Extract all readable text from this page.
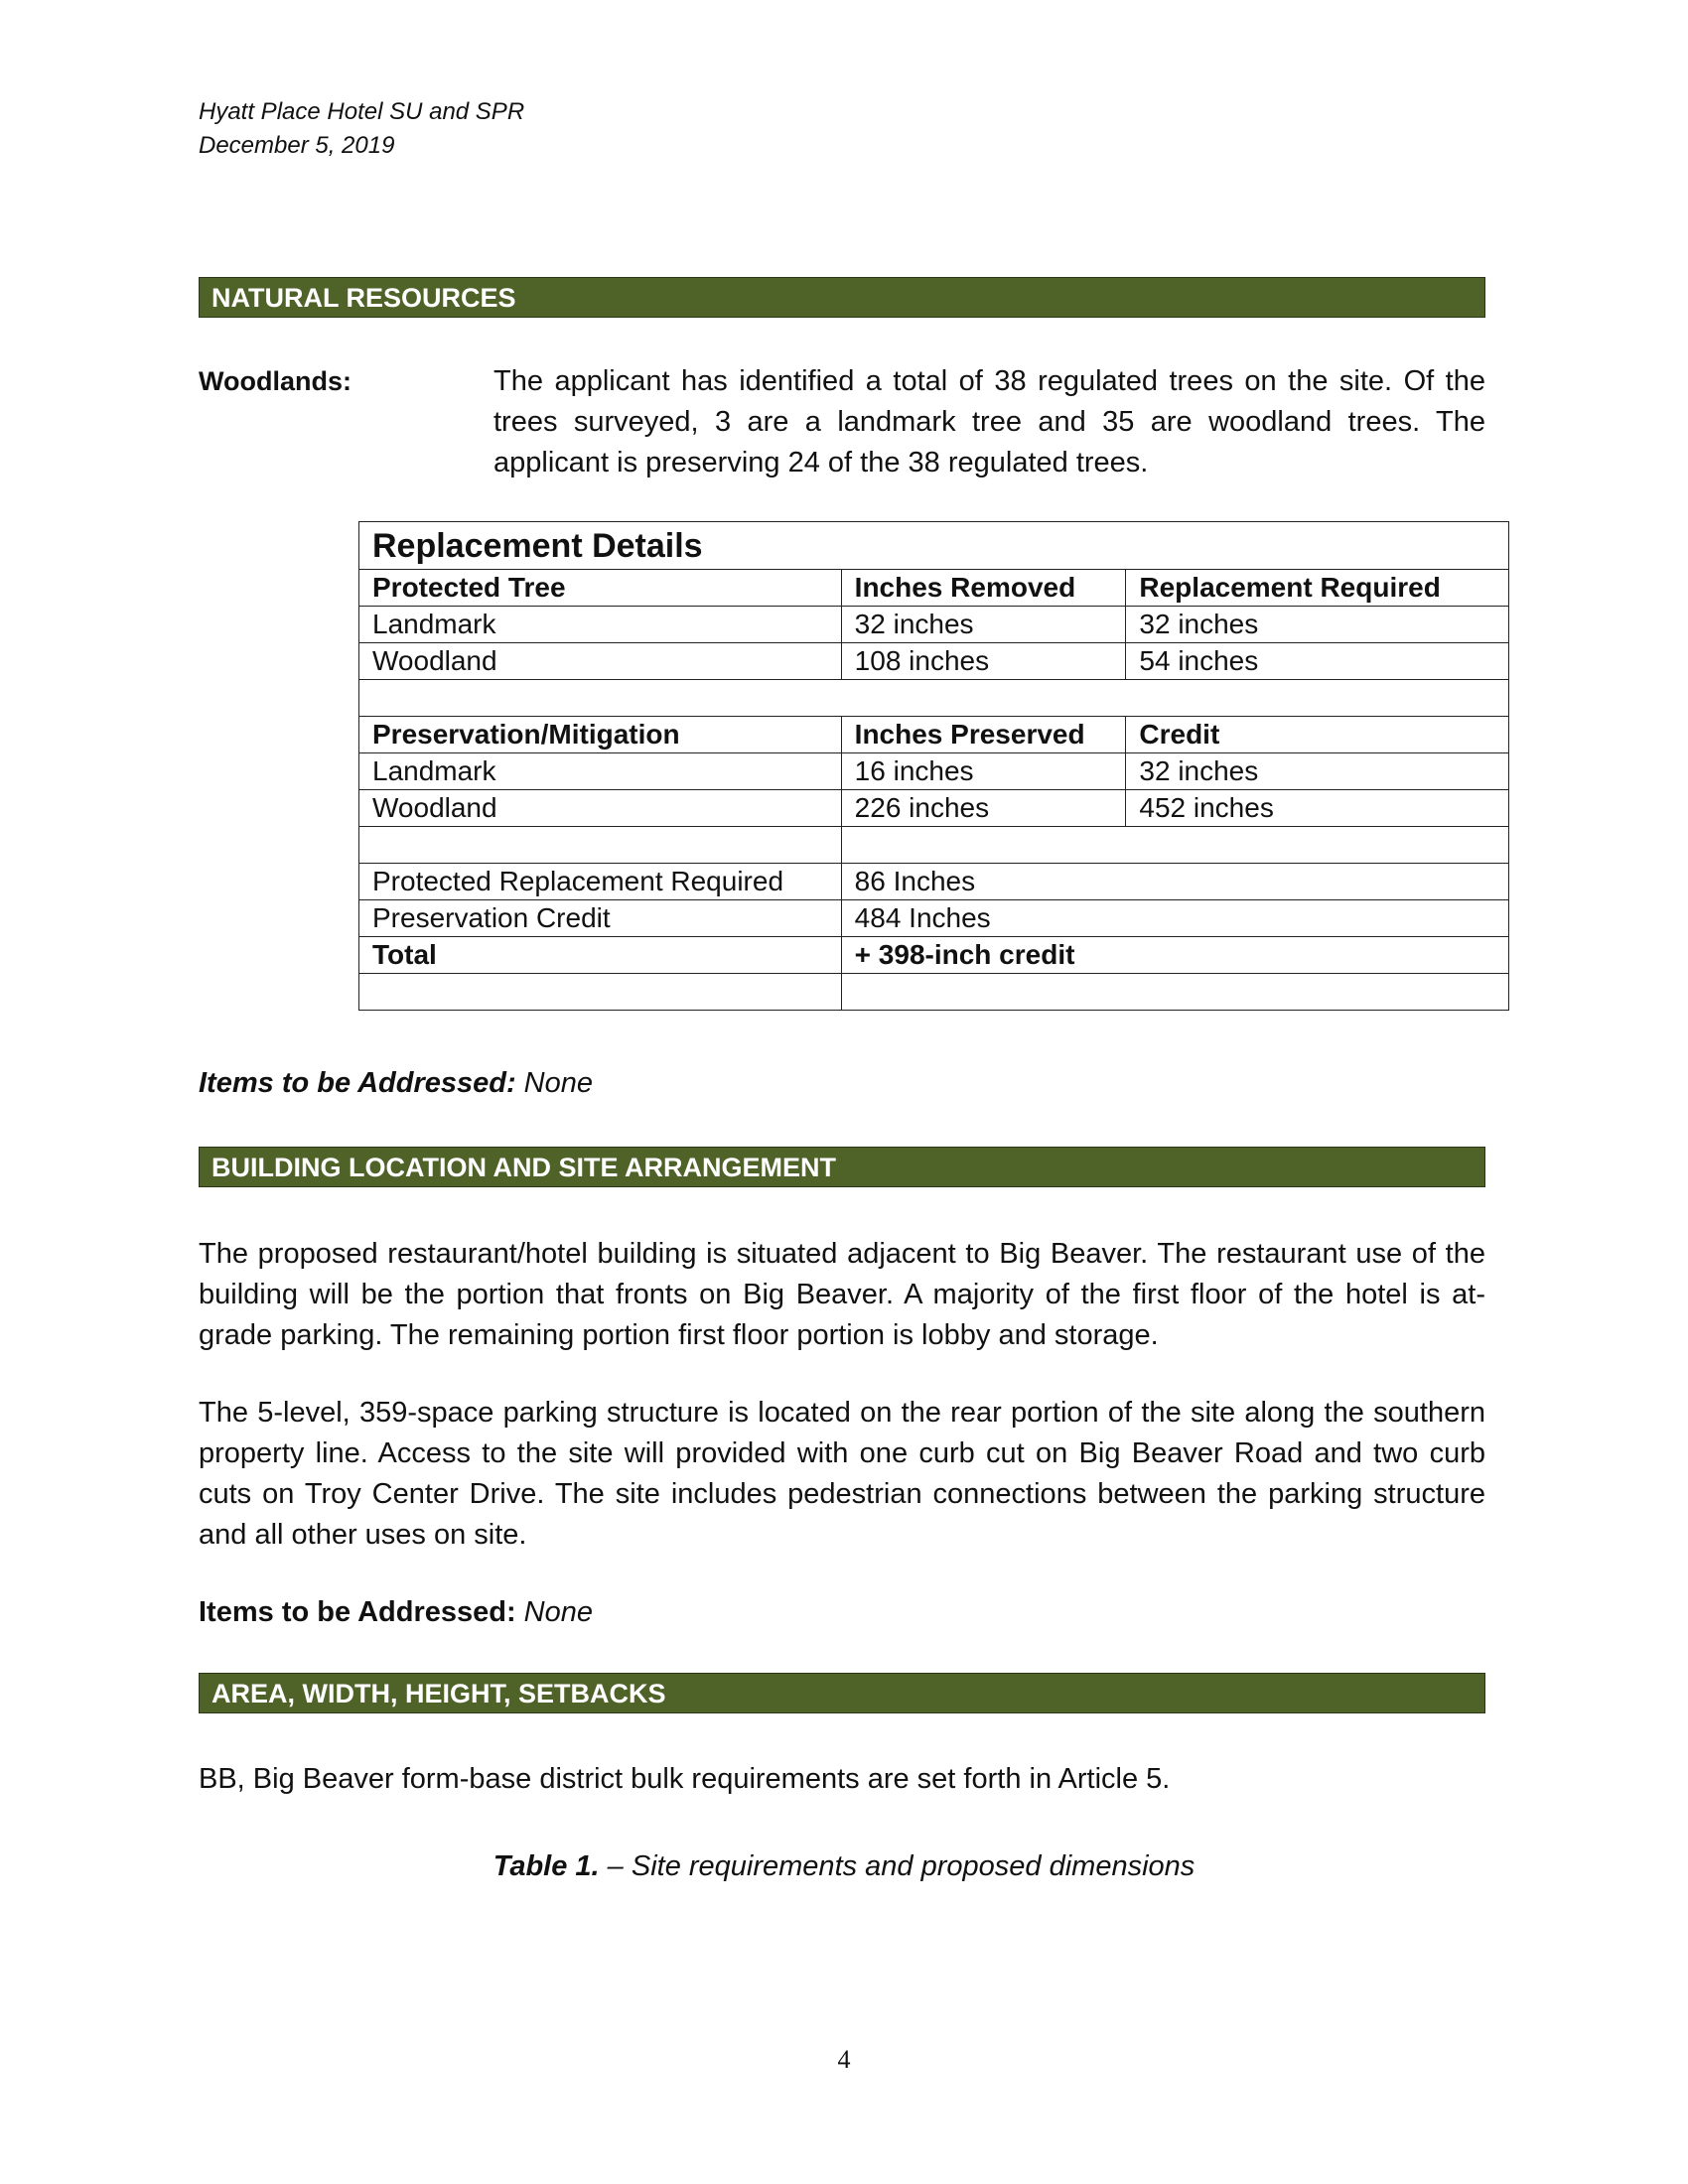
Hyatt Place Hotel SU and SPR
December 5, 2019
NATURAL RESOURCES
Woodlands:	The applicant has identified a total of 38 regulated trees on the site. Of the trees surveyed, 3 are a landmark tree and 35 are woodland trees. The applicant is preserving 24 of the 38 regulated trees.
Replacement Details		
Protected Tree	Inches Removed	Replacement Required
Landmark	32 inches	32 inches
Woodland	108 inches	54 inches

Preservation/Mitigation	Inches Preserved	Credit
Landmark	16 inches	32 inches
Woodland	226 inches	452 inches

Protected Replacement Required	86 Inches	
Preservation Credit	484 Inches	
Total	+ 398-inch credit	

Items to be Addressed: None
BUILDING LOCATION AND SITE ARRANGEMENT
The proposed restaurant/hotel building is situated adjacent to Big Beaver. The restaurant use of the building will be the portion that fronts on Big Beaver. A majority of the first floor of the hotel is at-grade parking. The remaining portion first floor portion is lobby and storage.
The 5-level, 359-space parking structure is located on the rear portion of the site along the southern property line. Access to the site will provided with one curb cut on Big Beaver Road and two curb cuts on Troy Center Drive. The site includes pedestrian connections between the parking structure and all other uses on site.
Items to be Addressed: None
AREA, WIDTH, HEIGHT, SETBACKS
BB, Big Beaver form-base district bulk requirements are set forth in Article 5.
Table 1. – Site requirements and proposed dimensions
4
